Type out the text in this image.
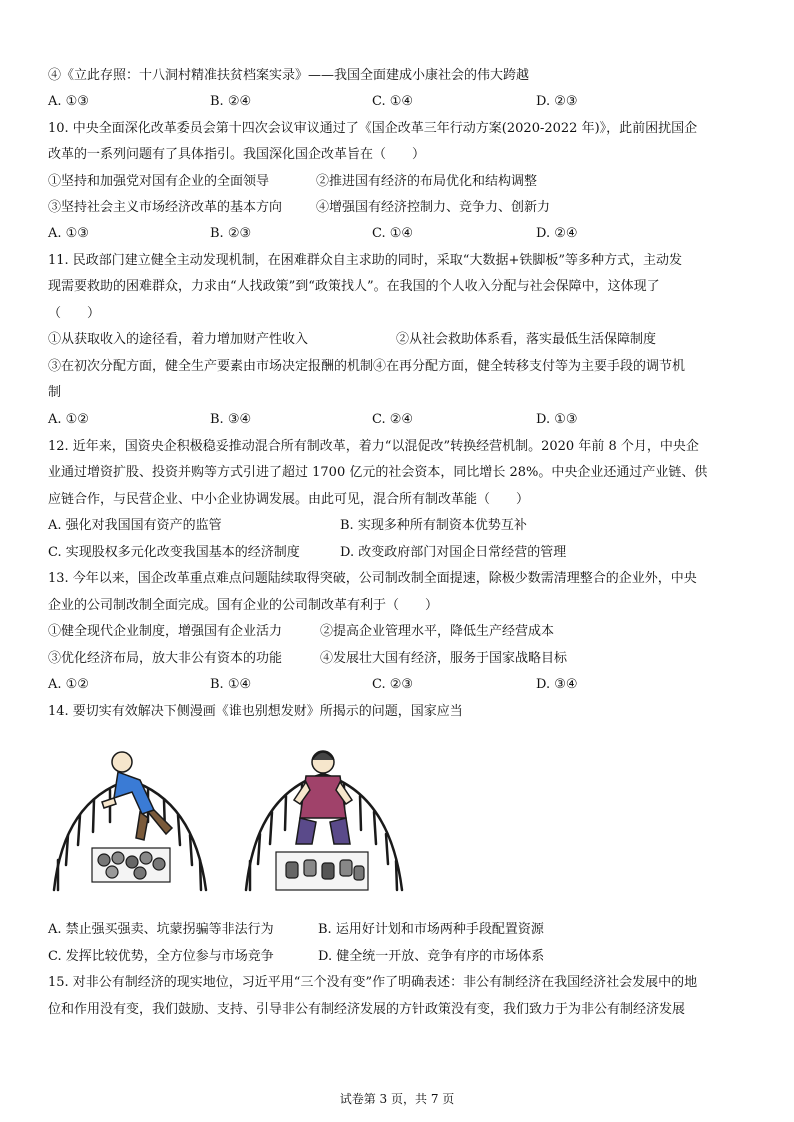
④《立此存照：十八洞村精准扶贫档案实录》——我国全面建成小康社会的伟大跨越
A. ①③	B. ②④	C. ①④	D. ②③
10. 中央全面深化改革委员会第十四次会议审议通过了《国企改革三年行动方案(2020-2022 年)》，此前困扰国企
改革的一系列问题有了具体指引。我国深化国企改革旨在（　　）
①坚持和加强党对国有企业的全面领导	②推进国有经济的布局优化和结构调整
③坚持社会主义市场经济改革的基本方向	④增强国有经济控制力、竞争力、创新力
A. ①③	B. ②③	C. ①④	D. ②④
11. 民政部门建立健全主动发现机制，在困难群众自主求助的同时，采取“大数据+铁脚板”等多种方式，主动发
现需要救助的困难群众，力求由“人找政策”到“政策找人”。在我国的个人收入分配与社会保障中，这体现了
（　　）
①从获取收入的途径看，着力增加财产性收入	②从社会救助体系看，落实最低生活保障制度
③在初次分配方面，健全生产要素由市场决定报酬的机制④在再分配方面，健全转移支付等为主要手段的调节机
制
A. ①②	B. ③④	C. ②④	D. ①③
12. 近年来，国资央企积极稳妥推动混合所有制改革，着力“以混促改”转换经营机制。2020 年前 8 个月，中央企
业通过增资扩股、投资并购等方式引进了超过 1700 亿元的社会资本，同比增长 28%。中央企业还通过产业链、供
应链合作，与民营企业、中小企业协调发展。由此可见，混合所有制改革能（　　）
A. 强化对我国国有资产的监管	B. 实现多种所有制资本优势互补
C. 实现股权多元化改变我国基本的经济制度	D. 改变政府部门对国企日常经营的管理
13. 今年以来，国企改革重点难点问题陆续取得突破，公司制改制全面提速，除极少数需清理整合的企业外，中央
企业的公司制改制全面完成。国有企业的公司制改革有利于（　　）
①健全现代企业制度，增强国有企业活力	②提高企业管理水平，降低生产经营成本
③优化经济布局，放大非公有资本的功能	④发展壮大国有经济，服务于国家战略目标
A. ①②	B. ①④	C. ②③	D. ③④
14. 要切实有效解决下侧漫画《谁也别想发财》所揭示的问题，国家应当
A. 禁止强买强卖、坑蒙拐骗等非法行为	B. 运用好计划和市场两种手段配置资源
C. 发挥比较优势，全方位参与市场竞争	D. 健全统一开放、竞争有序的市场体系
15. 对非公有制经济的现实地位，习近平用“三个没有变”作了明确表述：非公有制经济在我国经济社会发展中的地
位和作用没有变，我们鼓励、支持、引导非公有制经济发展的方针政策没有变，我们致力于为非公有制经济发展
试卷第 3 页，共 7 页
